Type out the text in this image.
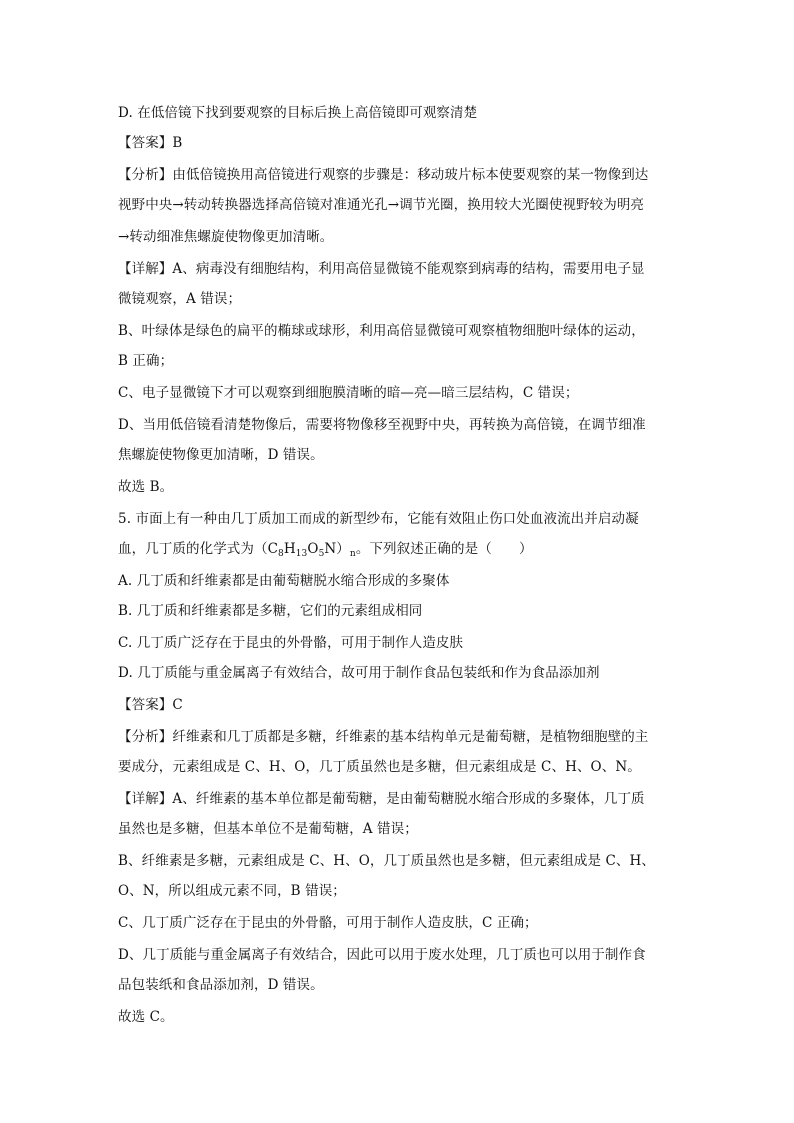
D. 在低倍镜下找到要观察的目标后换上高倍镜即可观察清楚
【答案】B
【分析】由低倍镜换用高倍镜进行观察的步骤是：移动玻片标本使要观察的某一物像到达
视野中央→转动转换器选择高倍镜对准通光孔→调节光圈，换用较大光圈使视野较为明亮
→转动细准焦螺旋使物像更加清晰。
【详解】A、病毒没有细胞结构，利用高倍显微镜不能观察到病毒的结构，需要用电子显
微镜观察，A 错误；
B、叶绿体是绿色的扁平的椭球或球形，利用高倍显微镜可观察植物细胞叶绿体的运动，
B 正确；
C、电子显微镜下才可以观察到细胞膜清晰的暗—亮—暗三层结构，C 错误；
D、当用低倍镜看清楚物像后，需要将物像移至视野中央，再转换为高倍镜，在调节细准
焦螺旋使物像更加清晰，D 错误。
故选 B。
5. 市面上有一种由几丁质加工而成的新型纱布，它能有效阻止伤口处血液流出并启动凝
血，几丁质的化学式为$(C_8H_{13}O_5N)_n$。下列叙述正确的是（　　）
A. 几丁质和纤维素都是由葡萄糖脱水缩合形成的多聚体
B. 几丁质和纤维素都是多糖，它们的元素组成相同
C. 几丁质广泛存在于昆虫的外骨骼，可用于制作人造皮肤
D. 几丁质能与重金属离子有效结合，故可用于制作食品包装纸和作为食品添加剂
【答案】C
【分析】纤维素和几丁质都是多糖，纤维素的基本结构单元是葡萄糖，是植物细胞壁的主
要成分，元素组成是 C、H、O，几丁质虽然也是多糖，但元素组成是 C、H、O、N。
【详解】A、纤维素的基本单位都是葡萄糖，是由葡萄糖脱水缩合形成的多聚体，几丁质
虽然也是多糖，但基本单位不是葡萄糖，A 错误；
B、纤维素是多糖，元素组成是 C、H、O，几丁质虽然也是多糖，但元素组成是 C、H、
O、N，所以组成元素不同，B 错误；
C、几丁质广泛存在于昆虫的外骨骼，可用于制作人造皮肤，C 正确；
D、几丁质能与重金属离子有效结合，因此可以用于废水处理，几丁质也可以用于制作食
品包装纸和食品添加剂，D 错误。
故选 C。
